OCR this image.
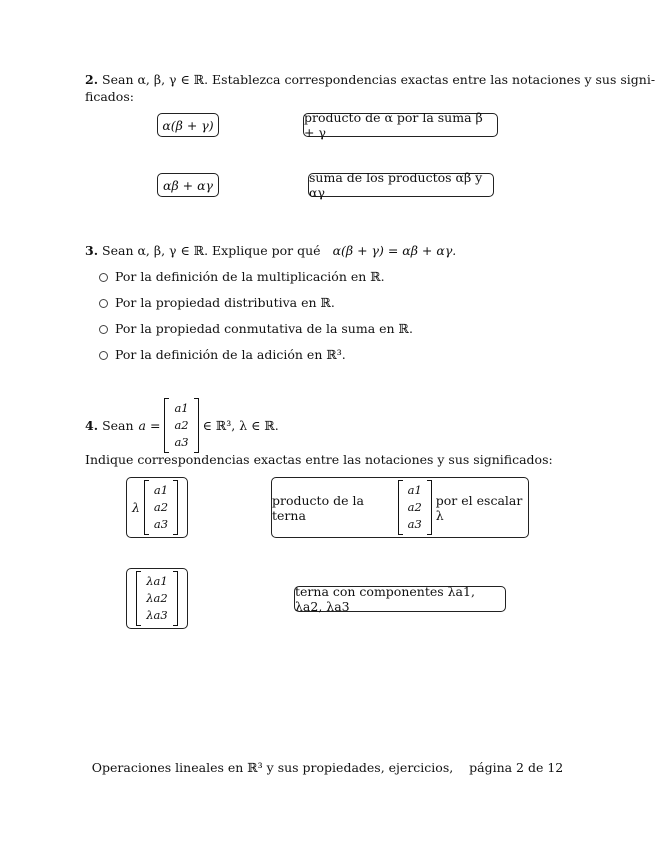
2. Sean α, β, γ ∈ ℝ. Establezca correspondencias exactas entre las notaciones y sus signi-
ficados:
α(β + γ)	producto de α por la suma β + γ
αβ + αγ	suma de los productos αβ y αγ
3. Sean α, β, γ ∈ ℝ. Explique por qué α(β + γ) = αβ + αγ.
Por la definición de la multiplicación en ℝ.
Por la propiedad distributiva en ℝ.
Por la propiedad conmutativa de la suma en ℝ.
Por la definición de la adición en ℝ³.
4. Sean a =
a1
a2
a3
∈ ℝ³, λ ∈ ℝ.
Indique correspondencias exactas entre las notaciones y sus significados:
λ
a1
a2
a3
producto de la terna
a1
a2
a3
por el escalar λ
λa1
λa2
λa3
terna con componentes λa1, λa2, λa3
Operaciones lineales en ℝ³ y sus propiedades, ejercicios,    página 2 de 12
